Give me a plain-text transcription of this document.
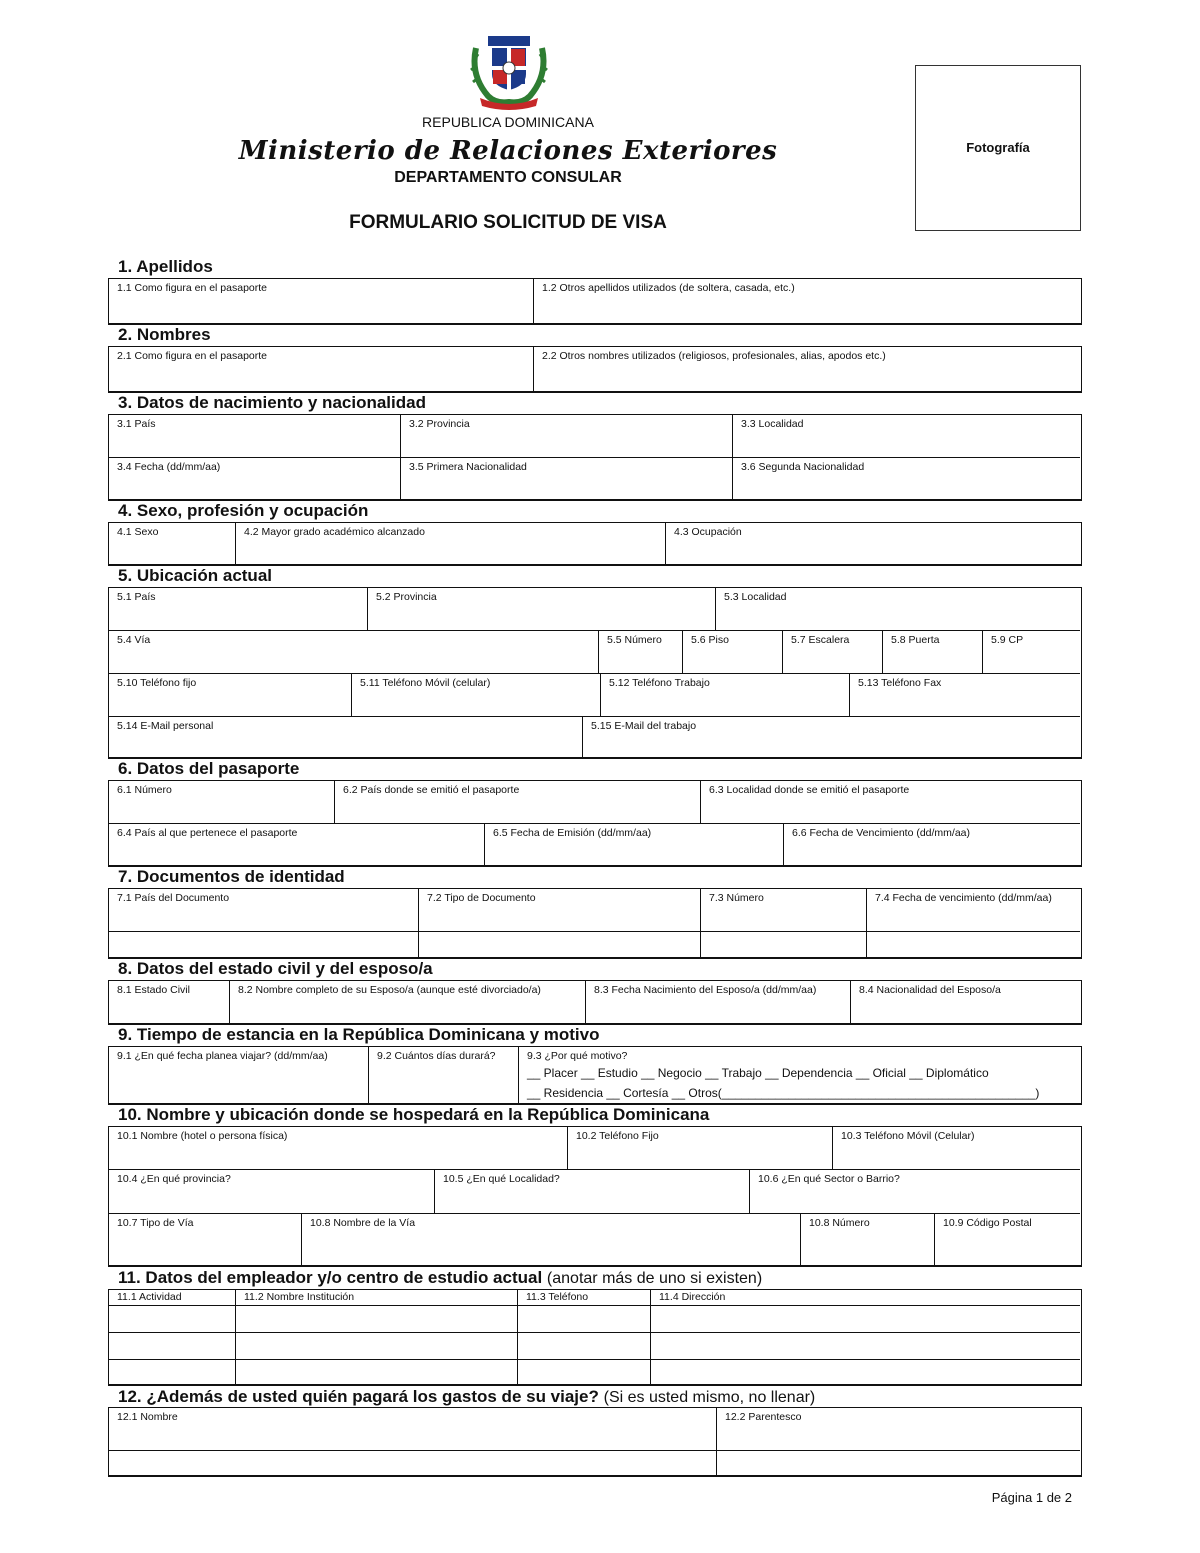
REPUBLICA DOMINICANA
Ministerio de Relaciones Exteriores
DEPARTAMENTO CONSULAR
FORMULARIO SOLICITUD DE VISA
Fotografía
1. Apellidos
1.1 Como figura en el pasaporte	1.2 Otros apellidos utilizados (de soltera, casada, etc.)
2. Nombres
2.1 Como figura en el pasaporte	2.2 Otros nombres utilizados (religiosos, profesionales, alias, apodos etc.)
3. Datos de nacimiento y nacionalidad
3.1 País	3.2 Provincia	3.3 Localidad
3.4 Fecha (dd/mm/aa)	3.5 Primera Nacionalidad	3.6 Segunda Nacionalidad
4. Sexo, profesión y ocupación
4.1 Sexo	4.2 Mayor grado académico alcanzado	4.3 Ocupación
5. Ubicación actual
5.1 País	5.2 Provincia	5.3 Localidad
5.4 Vía	5.5 Número	5.6 Piso	5.7 Escalera	5.8 Puerta	5.9 CP
5.10 Teléfono fijo	5.11 Teléfono Móvil (celular)	5.12 Teléfono Trabajo	5.13 Teléfono Fax
5.14 E-Mail personal	5.15 E-Mail del trabajo
6. Datos del pasaporte
6.1 Número	6.2 País donde se emitió el pasaporte	6.3 Localidad donde se emitió el pasaporte
6.4 País al que pertenece el pasaporte	6.5 Fecha de Emisión (dd/mm/aa)	6.6 Fecha de Vencimiento (dd/mm/aa)
7. Documentos de identidad
7.1 País del Documento	7.2 Tipo de Documento	7.3 Número	7.4 Fecha de vencimiento (dd/mm/aa)
8. Datos del estado civil y del esposo/a
8.1 Estado Civil	8.2 Nombre completo de su Esposo/a (aunque esté divorciado/a)	8.3 Fecha Nacimiento del Esposo/a (dd/mm/aa)	8.4 Nacionalidad del Esposo/a
9. Tiempo de estancia en la República Dominicana y motivo
9.1 ¿En qué fecha planea viajar? (dd/mm/aa)	9.2 Cuántos días durará?	9.3 ¿Por qué motivo?
__ Placer __ Estudio __ Negocio __ Trabajo __ Dependencia __ Oficial __ Diplomático
__ Residencia __ Cortesía __ Otros(_______________________________________________)
10. Nombre y ubicación donde se hospedará en la República Dominicana
10.1 Nombre (hotel o persona física)	10.2 Teléfono Fijo	10.3 Teléfono Móvil (Celular)
10.4 ¿En qué provincia?	10.5 ¿En qué Localidad?	10.6 ¿En qué Sector o Barrio?
10.7 Tipo de Vía	10.8 Nombre de la Vía	10.8 Número	10.9 Código Postal
11. Datos del empleador y/o centro de estudio actual (anotar más de uno si existen)
11.1 Actividad	11.2 Nombre Institución	11.3 Teléfono	11.4 Dirección
12. ¿Además de usted quién pagará los gastos de su viaje? (Si es usted mismo, no llenar)
12.1 Nombre	12.2 Parentesco
Página 1 de 2
